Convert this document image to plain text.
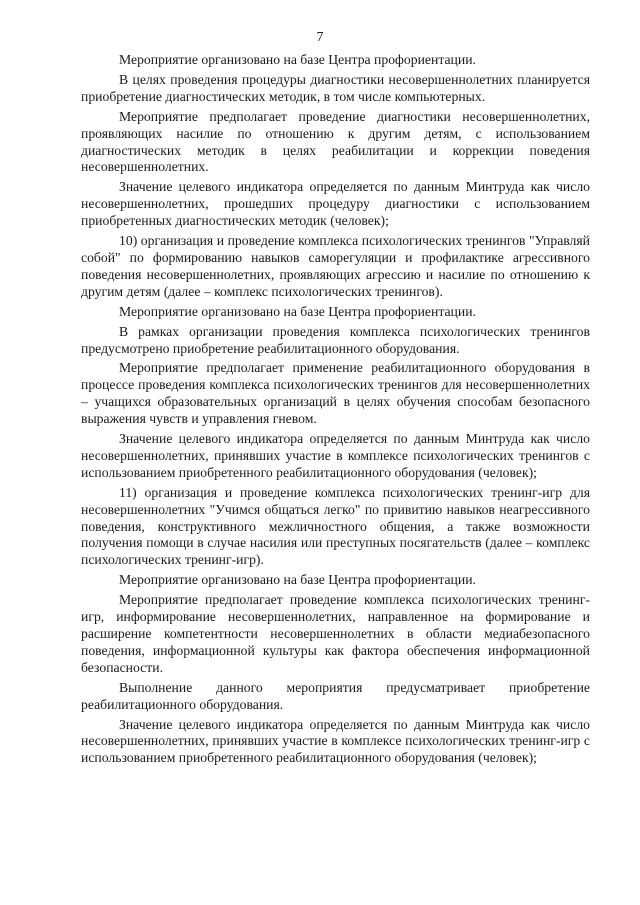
7

Мероприятие организовано на базе Центра профориентации.

В целях проведения процедуры диагностики несовершеннолетних планируется приобретение диагностических методик, в том числе компьютерных.

Мероприятие предполагает проведение диагностики несовершеннолетних, проявляющих насилие по отношению к другим детям, с использованием диагностических методик в целях реабилитации и коррекции поведения несовершеннолетних.

Значение целевого индикатора определяется по данным Минтруда как число несовершеннолетних, прошедших процедуру диагностики с использованием приобретенных диагностических методик (человек);

10) организация и проведение комплекса психологических тренингов "Управляй собой" по формированию навыков саморегуляции и профилактике агрессивного поведения несовершеннолетних, проявляющих агрессию и насилие по отношению к другим детям (далее – комплекс психологических тренингов).

Мероприятие организовано на базе Центра профориентации.

В рамках организации проведения комплекса психологических тренингов предусмотрено приобретение реабилитационного оборудования.

Мероприятие предполагает применение реабилитационного оборудования в процессе проведения комплекса психологических тренингов для несовершеннолетних – учащихся образовательных организаций в целях обучения способам безопасного выражения чувств и управления гневом.

Значение целевого индикатора определяется по данным Минтруда как число несовершеннолетних, принявших участие в комплексе психологических тренингов с использованием приобретенного реабилитационного оборудования (человек);

11) организация и проведение комплекса психологических тренинг-игр для несовершеннолетних "Учимся общаться легко" по привитию навыков неагрессивного поведения, конструктивного межличностного общения, а также возможности получения помощи в случае насилия или преступных посягательств (далее – комплекс психологических тренинг-игр).

Мероприятие организовано на базе Центра профориентации.

Мероприятие предполагает проведение комплекса психологических тренинг-игр, информирование несовершеннолетних, направленное на формирование и расширение компетентности несовершеннолетних в области медиабезопасного поведения, информационной культуры как фактора обеспечения информационной безопасности.

Выполнение данного мероприятия предусматривает приобретение реабилитационного оборудования.

Значение целевого индикатора определяется по данным Минтруда как число несовершеннолетних, принявших участие в комплексе психологических тренинг-игр с использованием приобретенного реабилитационного оборудования (человек);
